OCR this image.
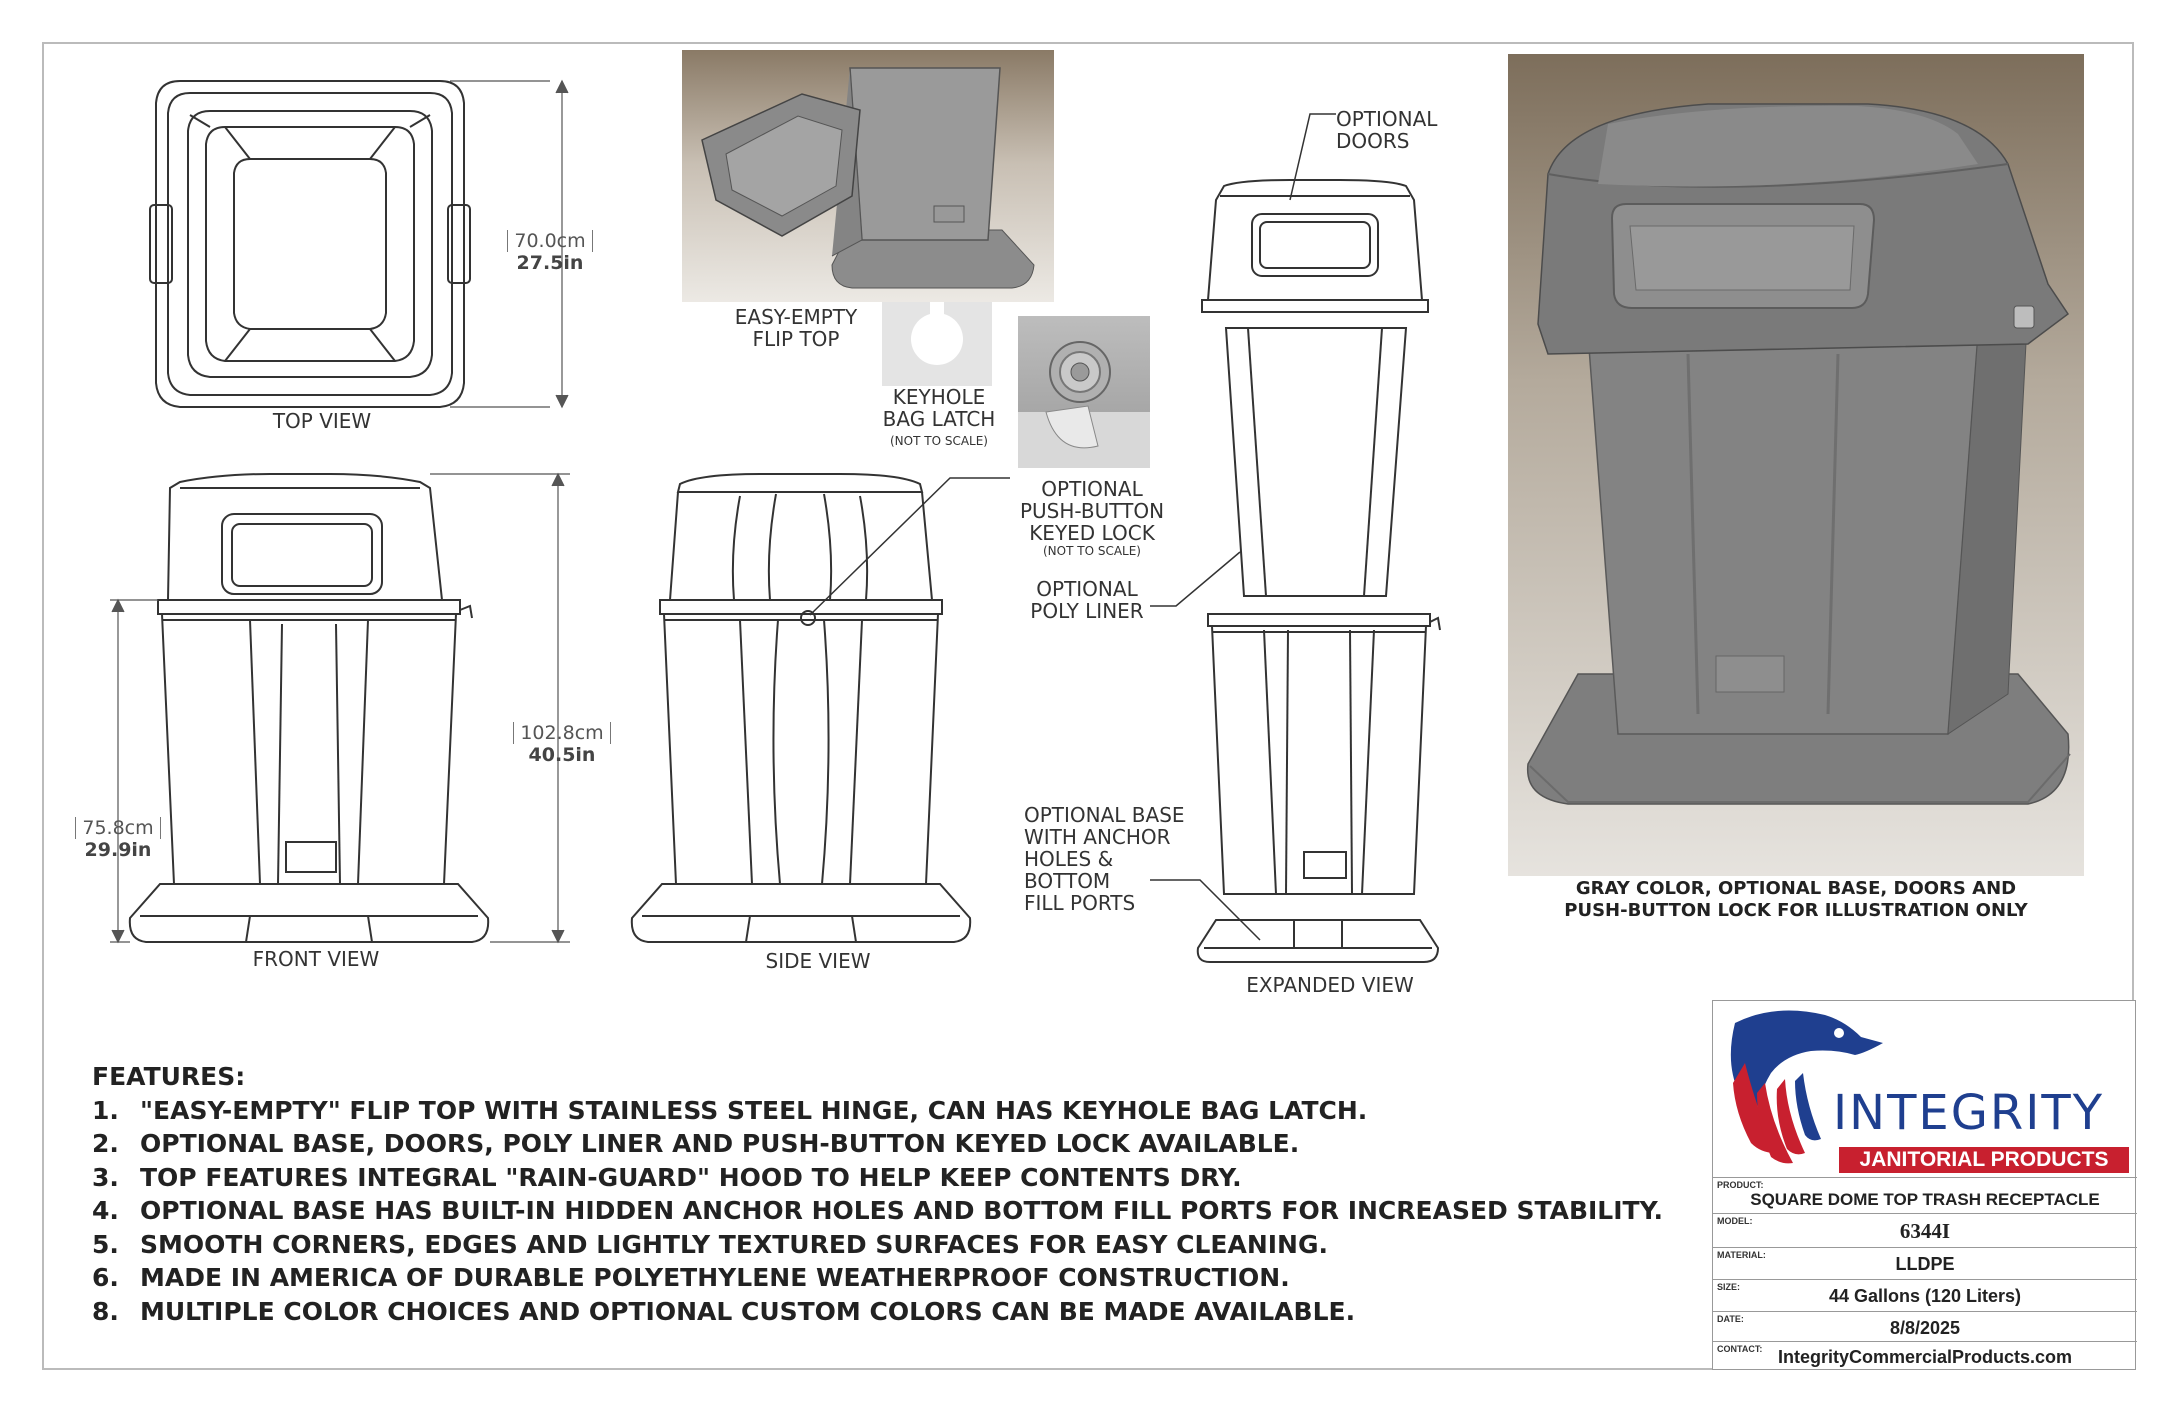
70.0cm
27.5in
TOP VIEW
102.8cm
40.5in
75.8cm
29.9in
FRONT VIEW	SIDE VIEW
EASY-EMPTY
FLIP TOP
KEYHOLE
BAG LATCH
(NOT TO SCALE)
OPTIONAL
PUSH-BUTTON
KEYED LOCK
(NOT TO SCALE)
OPTIONAL
DOORS
OPTIONAL
POLY LINER
OPTIONAL BASE
WITH ANCHOR
HOLES & BOTTOM
FILL PORTS
EXPANDED VIEW
GRAY COLOR, OPTIONAL BASE, DOORS AND
PUSH-BUTTON LOCK FOR ILLUSTRATION ONLY
FEATURES:
1. "EASY-EMPTY" FLIP TOP WITH STAINLESS STEEL HINGE, CAN HAS KEYHOLE BAG LATCH.
2. OPTIONAL BASE, DOORS, POLY LINER AND PUSH-BUTTON KEYED LOCK AVAILABLE.
3. TOP FEATURES INTEGRAL "RAIN-GUARD" HOOD TO HELP KEEP CONTENTS DRY.
4. OPTIONAL BASE HAS BUILT-IN HIDDEN ANCHOR HOLES AND BOTTOM FILL PORTS FOR INCREASED STABILITY.
5. SMOOTH CORNERS, EDGES AND LIGHTLY TEXTURED SURFACES FOR EASY CLEANING.
6. MADE IN AMERICA OF DURABLE POLYETHYLENE WEATHERPROOF CONSTRUCTION.
8. MULTIPLE COLOR CHOICES AND OPTIONAL CUSTOM COLORS CAN BE MADE AVAILABLE.
INTEGRITY
JANITORIAL PRODUCTS
PRODUCT:
SQUARE DOME TOP TRASH RECEPTACLE
MODEL:	6344I
MATERIAL:	LLDPE
SIZE:	44 Gallons (120 Liters)
DATE:	8/8/2025
CONTACT: IntegrityCommercialProducts.com
